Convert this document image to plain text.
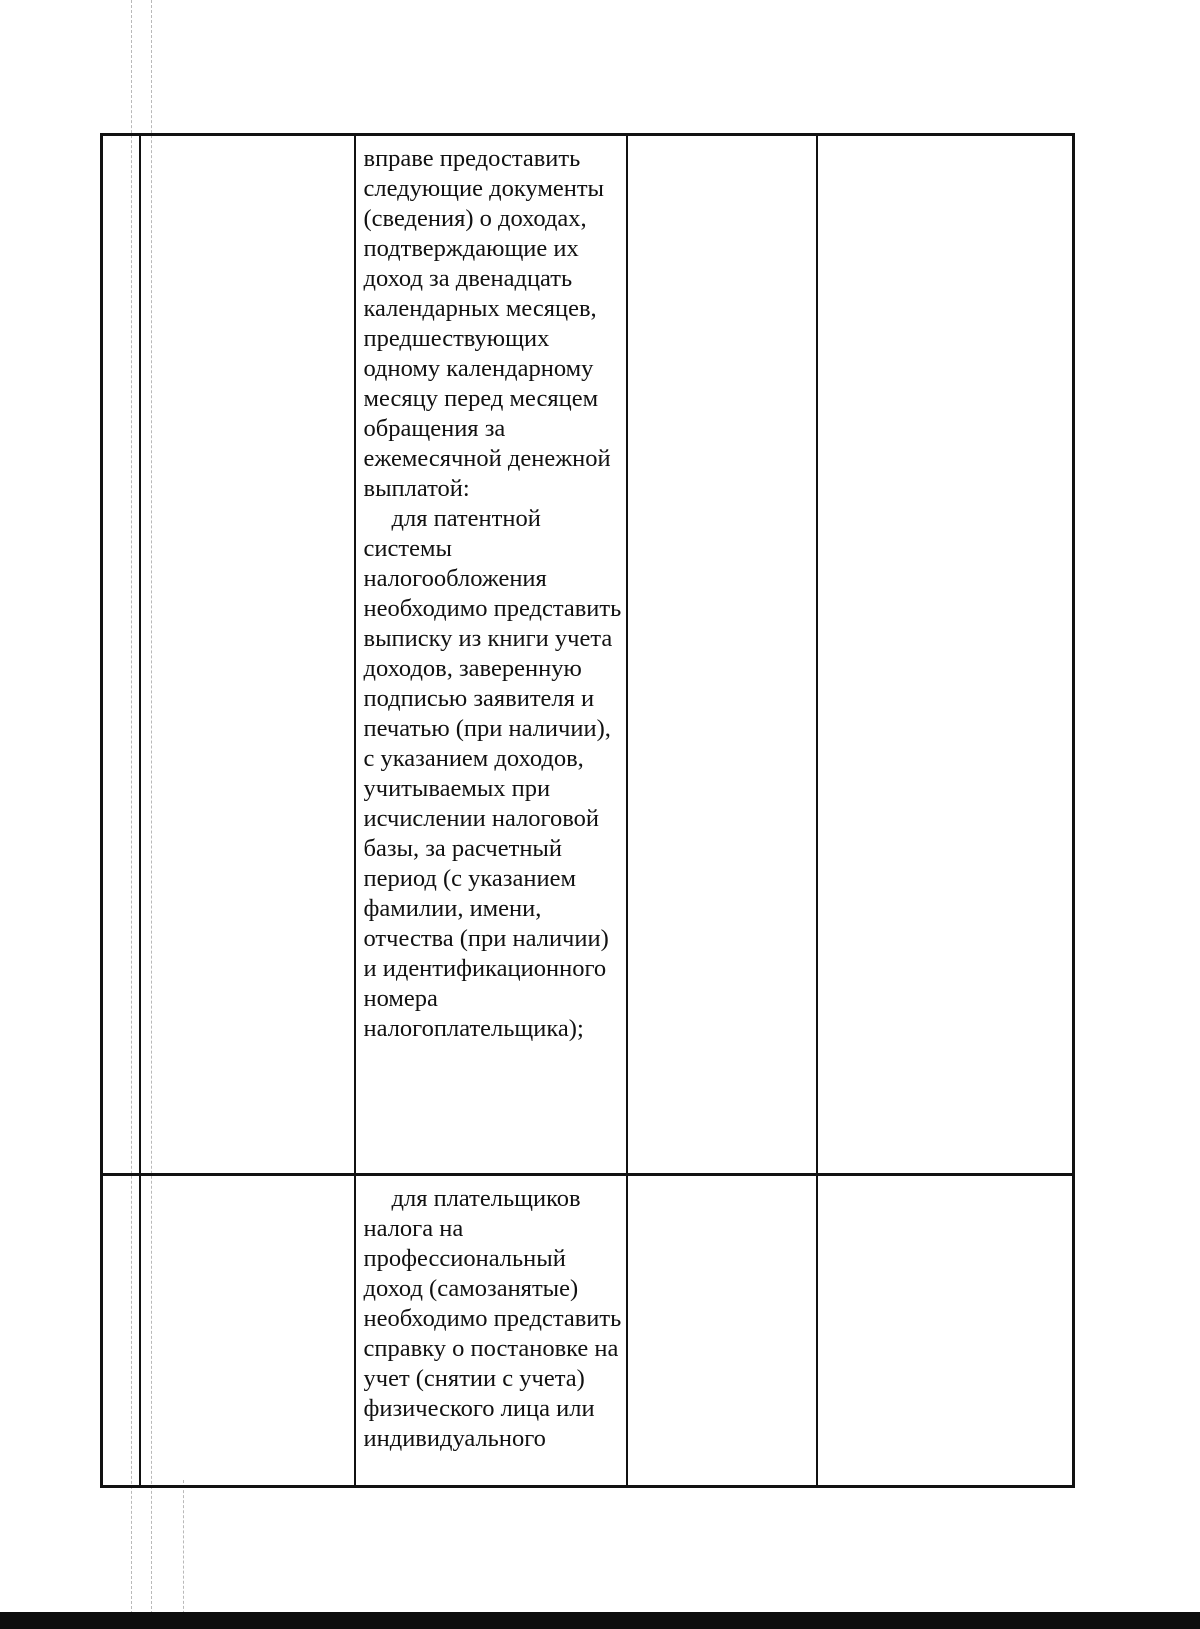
		вправе предоставить следующие документы (сведения) о доходах, подтверждающие их доход за двенадцать календарных месяцев, предшествующих одному календарному месяцу перед месяцем обращения за ежемесячной денежной выплатой:

для патентной системы налогообложения необходимо представить выписку из книги учета доходов, заверенную подписью заявителя и печатью (при наличии), с указанием доходов, учитываемых при исчислении налоговой базы, за расчетный период (с указанием фамилии, имени, отчества (при наличии) и идентификационного номера налогоплательщика);		

		для плательщиков налога на профессиональный доход (самозанятые) необходимо представить справку о постановке на учет (снятии с учета) физического лица или индивидуального		
